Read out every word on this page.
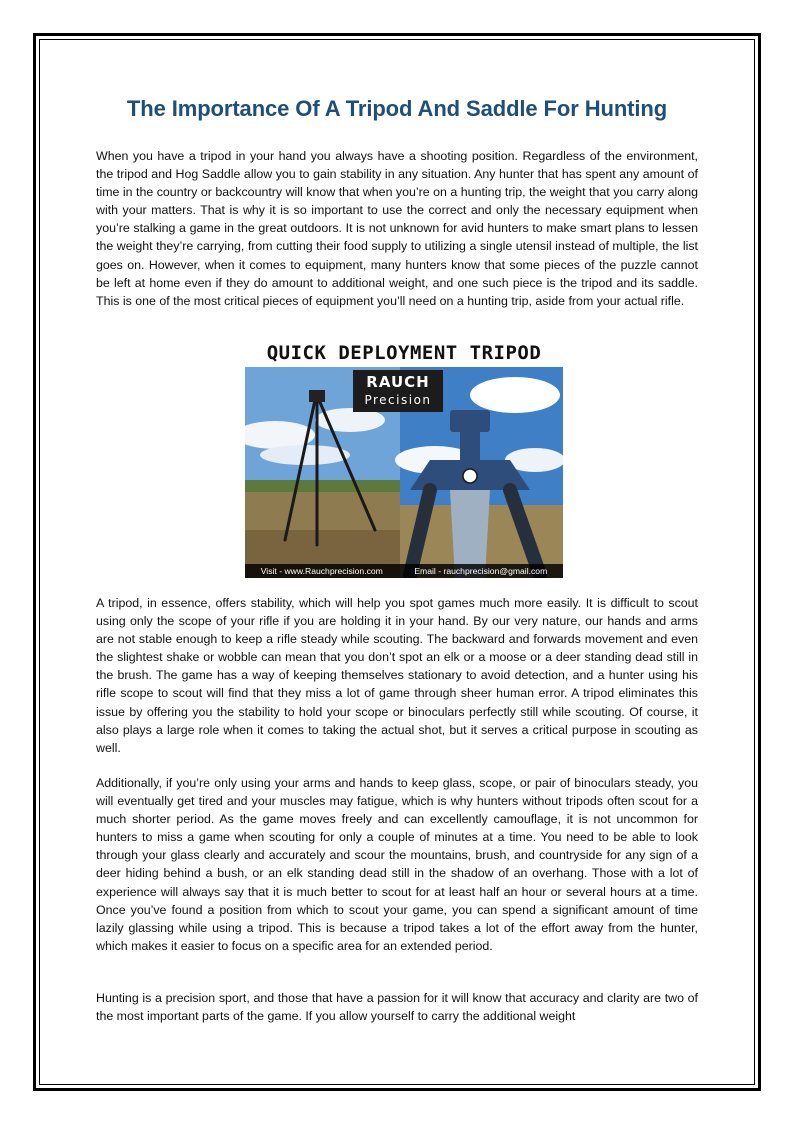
The Importance Of A Tripod And Saddle For Hunting

When you have a tripod in your hand you always have a shooting position. Regardless of the environment, the tripod and Hog Saddle allow you to gain stability in any situation. Any hunter that has spent any amount of time in the country or backcountry will know that when you’re on a hunting trip, the weight that you carry along with your matters. That is why it is so important to use the correct and only the necessary equipment when you’re stalking a game in the great outdoors. It is not unknown for avid hunters to make smart plans to lessen the weight they’re carrying, from cutting their food supply to utilizing a single utensil instead of multiple, the list goes on. However, when it comes to equipment, many hunters know that some pieces of the puzzle cannot be left at home even if they do amount to additional weight, and one such piece is the tripod and its saddle. This is one of the most critical pieces of equipment you’ll need on a hunting trip, aside from your actual rifle.

QUICK DEPLOYMENT TRIPOD
RAUCH
Precision
Visit - www.Rauchprecision.com	Email - rauchprecision@gmail.com

A tripod, in essence, offers stability, which will help you spot games much more easily. It is difficult to scout using only the scope of your rifle if you are holding it in your hand. By our very nature, our hands and arms are not stable enough to keep a rifle steady while scouting. The backward and forwards movement and even the slightest shake or wobble can mean that you don’t spot an elk or a moose or a deer standing dead still in the brush. The game has a way of keeping themselves stationary to avoid detection, and a hunter using his rifle scope to scout will find that they miss a lot of game through sheer human error. A tripod eliminates this issue by offering you the stability to hold your scope or binoculars perfectly still while scouting. Of course, it also plays a large role when it comes to taking the actual shot, but it serves a critical purpose in scouting as well.

Additionally, if you’re only using your arms and hands to keep glass, scope, or pair of binoculars steady, you will eventually get tired and your muscles may fatigue, which is why hunters without tripods often scout for a much shorter period. As the game moves freely and can excellently camouflage, it is not uncommon for hunters to miss a game when scouting for only a couple of minutes at a time. You need to be able to look through your glass clearly and accurately and scour the mountains, brush, and countryside for any sign of a deer hiding behind a bush, or an elk standing dead still in the shadow of an overhang. Those with a lot of experience will always say that it is much better to scout for at least half an hour or several hours at a time. Once you’ve found a position from which to scout your game, you can spend a significant amount of time lazily glassing while using a tripod. This is because a tripod takes a lot of the effort away from the hunter, which makes it easier to focus on a specific area for an extended period.

Hunting is a precision sport, and those that have a passion for it will know that accuracy and clarity are two of the most important parts of the game. If you allow yourself to carry the additional weight
